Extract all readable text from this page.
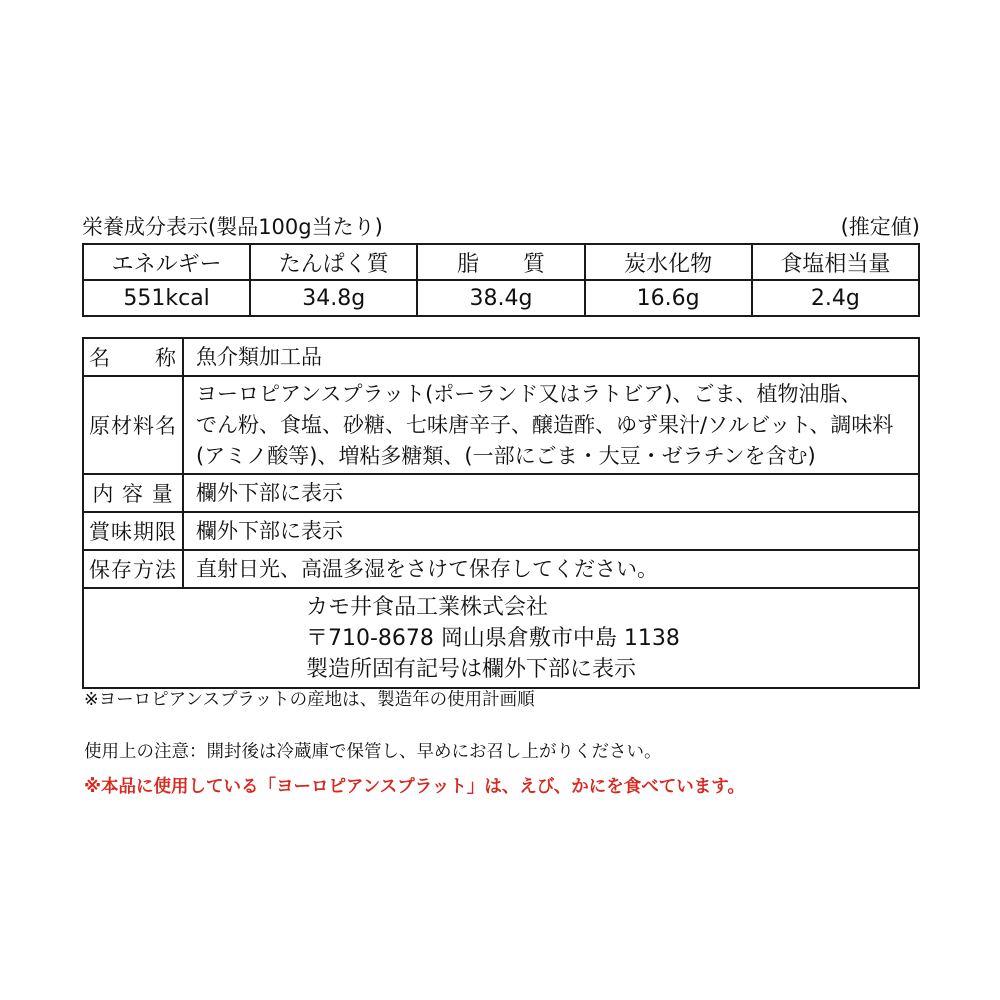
栄養成分表示(製品100g当たり)	(推定値)
エネルギー	たんぱく質	脂　　質	炭水化物	食塩相当量
551kcal	34.8g	38.4g	16.6g	2.4g
名　　称	魚介類加工品
原材料名	ヨーロピアンスプラット(ポーランド又はラトビア)、ごま、植物油脂、
でん粉、食塩、砂糖、七味唐辛子、醸造酢、ゆず果汁/ソルビット、調味料
(アミノ酸等)、増粘多糖類、(一部にごま・大豆・ゼラチンを含む)

内 容 量	欄外下部に表示
賞味期限	欄外下部に表示
保存方法	直射日光、高温多湿をさけて保存してください。

カモ井食品工業株式会社
〒710-8678 岡山県倉敷市中島 1138
製造所固有記号は欄外下部に表示	
※ヨーロピアンスプラットの産地は、製造年の使用計画順
使用上の注意：開封後は冷蔵庫で保管し、早めにお召し上がりください。
※本品に使用している「ヨーロピアンスプラット」は、えび、かにを食べています。
